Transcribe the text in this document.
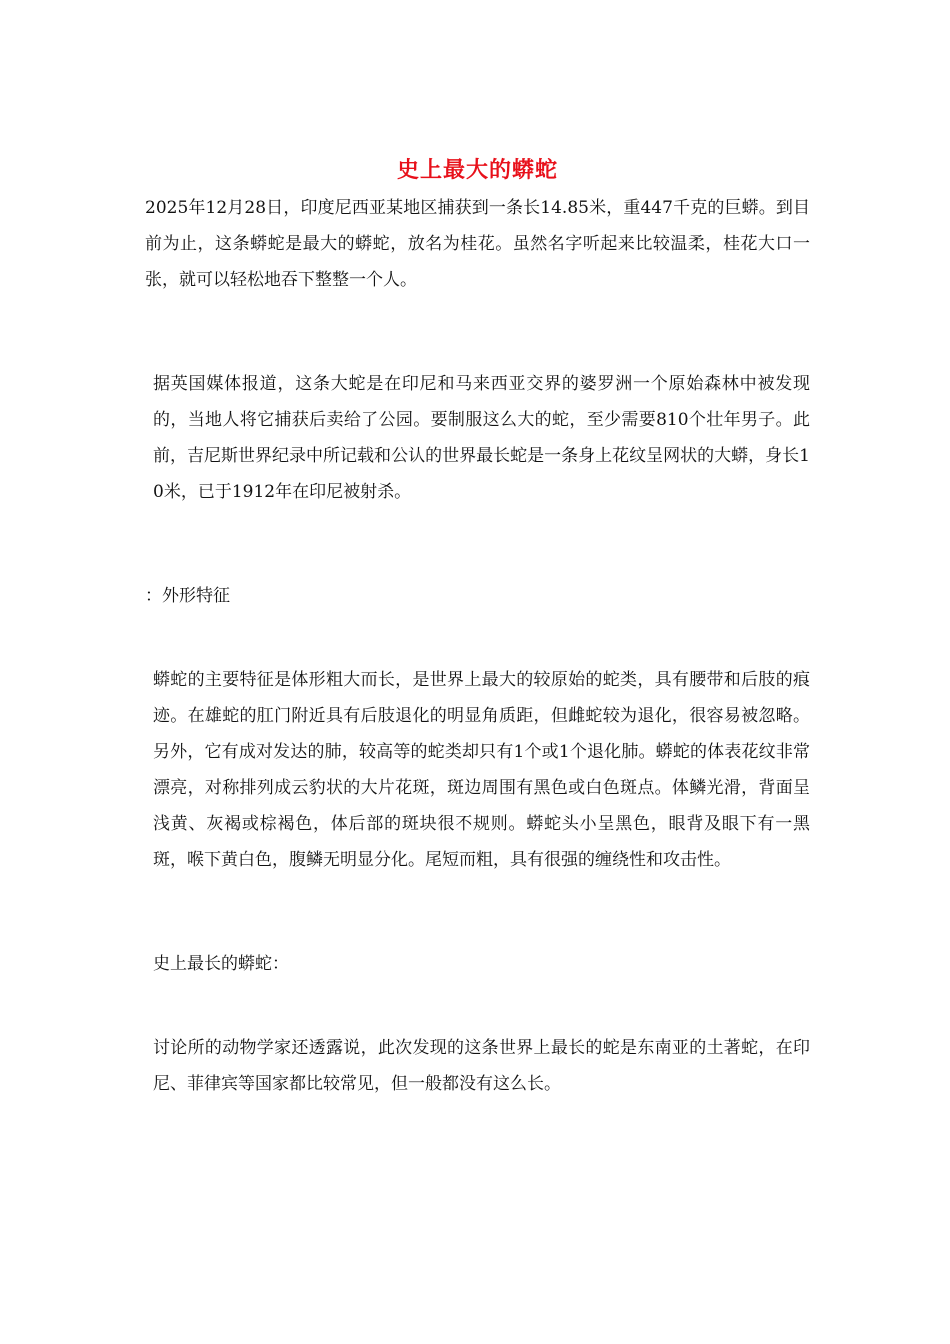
史上最大的蟒蛇

2025年12月28日，印度尼西亚某地区捕获到一条长14.85米，重447千克的巨蟒。到目前为止，这条蟒蛇是最大的蟒蛇，放名为桂花。虽然名字听起来比较温柔，桂花大口一张，就可以轻松地吞下整整一个人。

据英国媒体报道，这条大蛇是在印尼和马来西亚交界的婆罗洲一个原始森林中被发现的，当地人将它捕获后卖给了公园。要制服这么大的蛇，至少需要810个壮年男子。此前，吉尼斯世界纪录中所记载和公认的世界最长蛇是一条身上花纹呈网状的大蟒，身长10米，已于1912年在印尼被射杀。

：外形特征

蟒蛇的主要特征是体形粗大而长，是世界上最大的较原始的蛇类，具有腰带和后肢的痕迹。在雄蛇的肛门附近具有后肢退化的明显角质距，但雌蛇较为退化，很容易被忽略。另外，它有成对发达的肺，较高等的蛇类却只有1个或1个退化肺。蟒蛇的体表花纹非常漂亮，对称排列成云豹状的大片花斑，斑边周围有黑色或白色斑点。体鳞光滑，背面呈浅黄、灰褐或棕褐色，体后部的斑块很不规则。蟒蛇头小呈黑色，眼背及眼下有一黑斑，喉下黄白色，腹鳞无明显分化。尾短而粗，具有很强的缠绕性和攻击性。

史上最长的蟒蛇：

讨论所的动物学家还透露说，此次发现的这条世界上最长的蛇是东南亚的土著蛇，在印尼、菲律宾等国家都比较常见，但一般都没有这么长。
